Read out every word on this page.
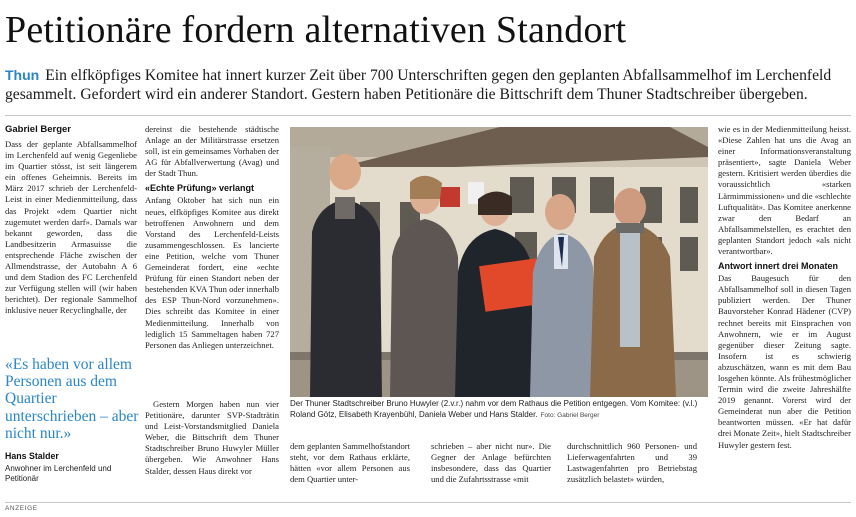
Petitionäre fordern alternativen Standort
Thun Ein elfköpfiges Komitee hat innert kurzer Zeit über 700 Unterschriften gegen den geplanten Abfallsammelhof im Lerchenfeld gesammelt. Gefordert wird ein anderer Standort. Gestern haben Petitionäre die Bittschrift dem Thuner Stadtschreiber übergeben.
Gabriel Berger

Dass der geplante Abfallsammelhof im Lerchenfeld auf wenig Gegenliebe im Quartier stösst, ist seit längerem ein offenes Geheimnis. Bereits im März 2017 schrieb der Lerchenfeld-Leist in einer Medienmitteilung, dass das Projekt «dem Quartier nicht zugemutet werden darf». Damals war bekannt geworden, dass die Landbesitzerin Armasuisse die entsprechende Fläche zwischen der Allmendstrasse, der Autobahn A 6 und dem Stadion des FC Lerchenfeld zur Verfügung stellen will (wir haben berichtet). Der regionale Sammelhof inklusive neuer Recyclinghalle, der

«Es haben vor allem Personen aus dem Quartier unterschrieben – aber nicht nur.»
Hans Stalder
Anwohner im Lerchenfeld und Petitionär

dereinst die bestehende städtische Anlage an der Militärstrasse ersetzen soll, ist ein gemeinsames Vorhaben der AG für Abfallverwertung (Avag) und der Stadt Thun.

«Echte Prüfung» verlangt

Anfang Oktober hat sich nun ein neues, elfköpfiges Komitee aus direkt betroffenen Anwohnern und dem Vorstand des Lerchenfeld-Leists zusammengeschlossen. Es lancierte eine Petition, welche vom Thuner Gemeinderat fordert, eine «echte Prüfung für einen Standort neben der bestehenden KVA Thun oder innerhalb des ESP Thun-Nord vorzunehmen». Dies schreibt das Komitee in einer Medienmitteilung. Innerhalb von lediglich 15 Sammeltagen haben 727 Personen das Anliegen unterzeichnet.

Gestern Morgen haben nun vier Petitionäre, darunter SVP-Stadträtin und Leist-Vorstandsmitglied Daniela Weber, die Bittschrift dem Thuner Stadtschreiber Bruno Huwyler Müller übergeben. Wie Anwohner Hans Stalder, dessen Haus direkt vor

Der Thuner Stadtschreiber Bruno Huwyler (2.v.r.) nahm vor dem Rathaus die Petition entgegen. Vom Komitee: (v.l.) Roland Götz, Elisabeth Krayenbühl, Daniela Weber und Hans Stalder. Foto: Gabriel Berger

dem geplanten Sammelhofstandort steht, vor dem Rathaus erklärte, hätten «vor allem Personen aus dem Quartier unter-

schrieben – aber nicht nur». Die Gegner der Anlage befürchten insbesondere, dass das Quartier und die Zufahrtsstrasse «mit

durchschnittlich 960 Personen- und Lieferwagenfahrten und 39 Lastwagenfahrten pro Betriebstag zusätzlich belastet» würden,

wie es in der Medienmitteilung heisst. «Diese Zahlen hat uns die Avag an einer Informationsveranstaltung präsentiert», sagte Daniela Weber gestern. Kritisiert werden überdies die voraussichtlich «starken Lärmimmissionen» und die «schlechte Luftqualität». Das Komitee anerkenne zwar den Bedarf an Abfallsammelstellen, es erachtet den geplanten Standort jedoch «als nicht verantwortbar».

Antwort innert drei Monaten

Das Baugesuch für den Abfallsammelhof soll in diesen Tagen publiziert werden. Der Thuner Bauvorsteher Konrad Hädener (CVP) rechnet bereits mit Einsprachen von Anwohnern, wie er im August gegenüber dieser Zeitung sagte. Insofern ist es schwierig abzuschätzen, wann es mit dem Bau losgehen könnte. Als frühestmöglicher Termin wird die zweite Jahreshälfte 2019 genannt. Vorerst wird der Gemeinderat nun aber die Petition beantworten müssen. «Er hat dafür drei Monate Zeit», hielt Stadtschreiber Huwyler gestern fest.

ANZEIGE
